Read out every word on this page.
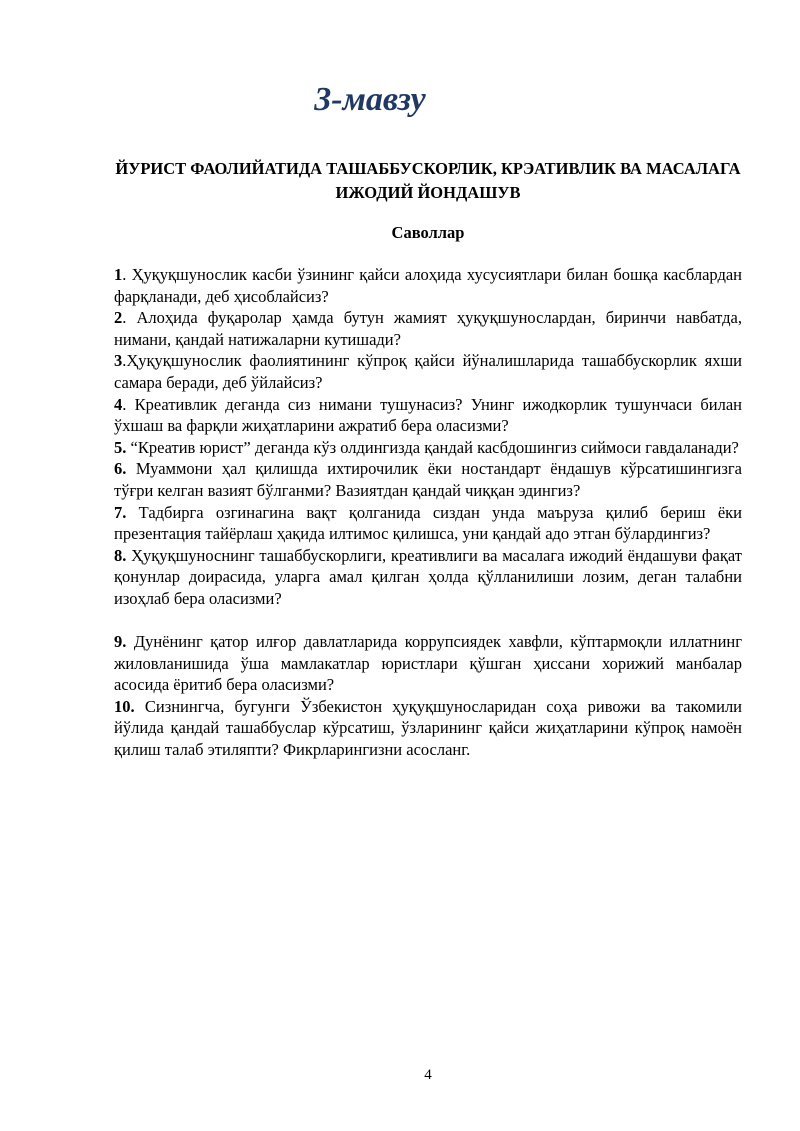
3-мавзу
ЙУРИСТ ФАОЛИЙАТИДА ТАШАББУСКОРЛИК, КРЭАТИВЛИК ВА МАСАЛАГА ИЖОДИЙ ЙОНДАШУВ
Саволлар

1. Ҳуқуқшунослик касби ўзининг қайси алоҳида хусусиятлари билан бошқа касблардан фарқланади, деб ҳисоблайсиз?

2. Алоҳида фуқаролар ҳамда бутун жамият ҳуқуқшунослардан, биринчи навбатда, нимани, қандай натижаларни кутишади?

3.Ҳуқуқшунослик фаолиятининг кўпроқ қайси йўналишларида ташаббускорлик яхши самара беради, деб ўйлайсиз?

4. Креативлик деганда сиз нимани тушунасиз? Унинг ижодкорлик тушунчаси билан ўхшаш ва фарқли жиҳатларини ажратиб бера оласизми?

5. “Креатив юрист” деганда кўз олдингизда қандай касбдошингиз сиймоси гавдаланади?

6. Муаммони ҳал қилишда ихтирочилик ёки ностандарт ёндашув кўрсатишингизга тўғри келган вазият бўлганми? Вазиятдан қандай чиққан эдингиз?

7. Тадбирга озгинагина вақт қолганида сиздан унда маъруза қилиб бериш ёки презентация тайёрлаш ҳақида илтимос қилишса, уни қандай адо этган бўлардингиз?

8. Ҳуқуқшуноснинг ташаббускорлиги, креативлиги ва масалага ижодий ёндашуви фақат қонунлар доирасида, уларга амал қилган ҳолда қўлланилиши лозим, деган талабни изоҳлаб бера оласизми?

9. Дунёнинг қатор илғор давлатларида коррупсиядек хавфли, кўптармоқли иллатнинг жиловланишида ўша мамлакатлар юристлари қўшган ҳиссани хорижий манбалар асосида ёритиб бера оласизми?

10. Сизнингча, бугунги Ўзбекистон ҳуқуқшуносларидан соҳа ривожи ва такомили йўлида қандай ташаббуслар кўрсатиш, ўзларининг қайси жиҳатларини кўпроқ намоён қилиш талаб этиляпти? Фикрларингизни асосланг.

4
